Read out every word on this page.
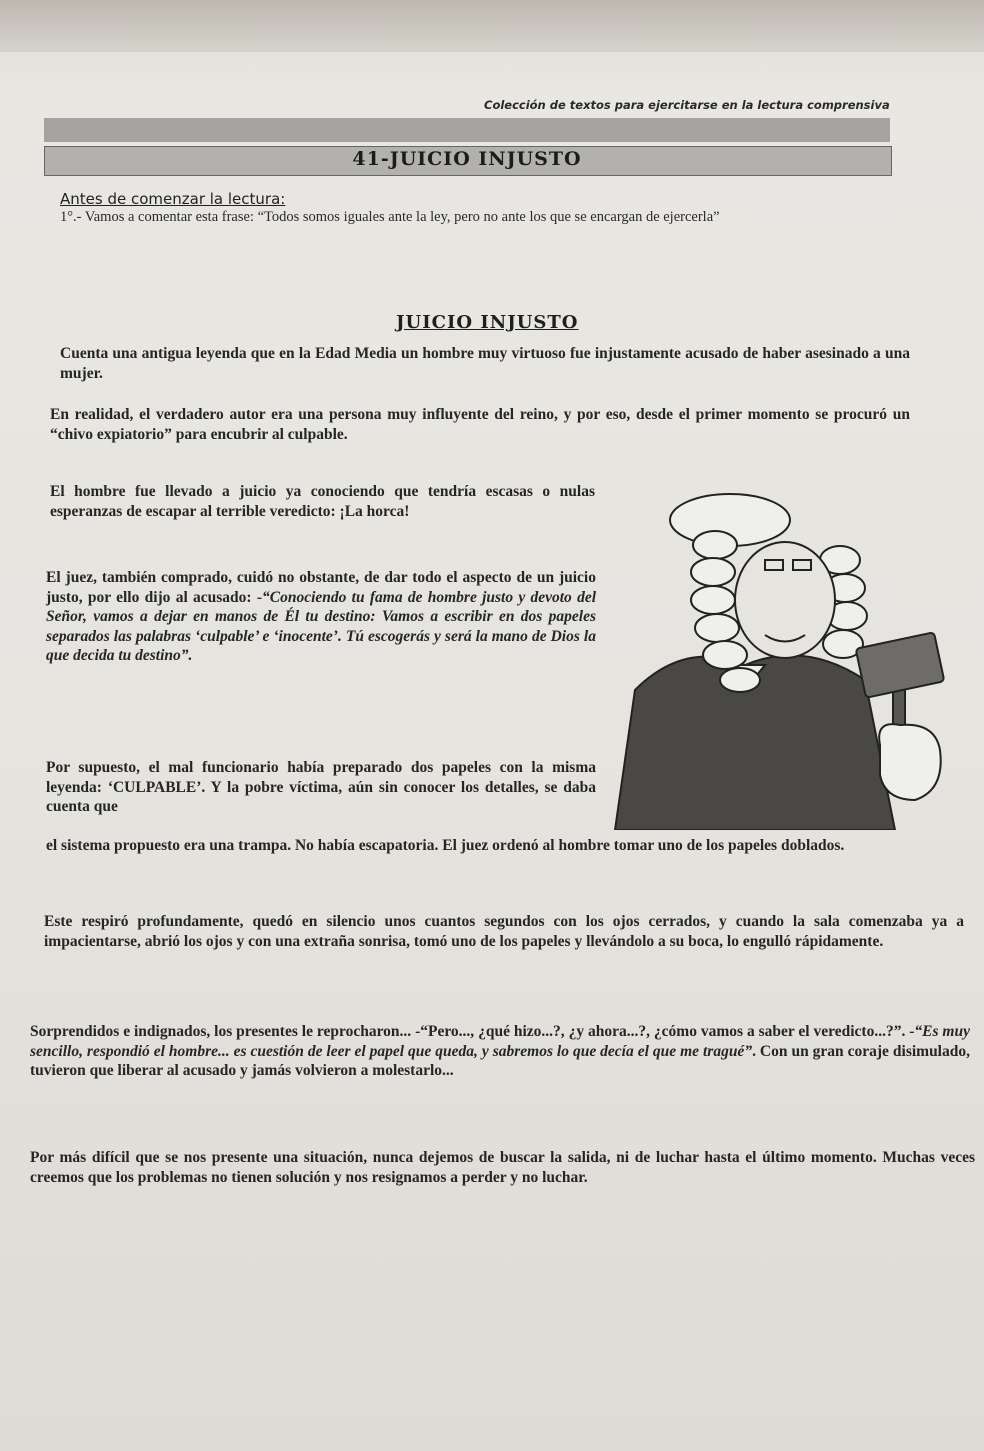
Colección de textos para ejercitarse en la lectura comprensiva
41-JUICIO INJUSTO
Antes de comenzar la lectura:
1°.- Vamos a comentar esta frase: “Todos somos iguales ante la ley, pero no ante los que se encargan de ejercerla”
JUICIO INJUSTO
Cuenta una antigua leyenda que en la Edad Media un hombre muy virtuoso fue injustamente acusado de haber asesinado a una mujer.
En realidad, el verdadero autor era una persona muy influyente del reino, y por eso, desde el primer momento se procuró un “chivo expiatorio” para encubrir al culpable.
El hombre fue llevado a juicio ya conociendo que tendría escasas o nulas esperanzas de escapar al terrible veredicto: ¡La horca!
El juez, también comprado, cuidó no obstante, de dar todo el aspecto de un juicio justo, por ello dijo al acusado: -“Conociendo tu fama de hombre justo y devoto del Señor, vamos a dejar en manos de Él tu destino: Vamos a escribir en dos papeles separados las palabras ‘culpable’ e ‘inocente’. Tú escogerás y será la mano de Dios la que decida tu destino”.
Por supuesto, el mal funcionario había preparado dos papeles con la misma leyenda: ‘CULPABLE’. Y la pobre víctima, aún sin conocer los detalles, se daba cuenta que
el sistema propuesto era una trampa. No había escapatoria. El juez ordenó al hombre tomar uno de los papeles doblados.
Este respiró profundamente, quedó en silencio unos cuantos segundos con los ojos cerrados, y cuando la sala comenzaba ya a impacientarse, abrió los ojos y con una extraña sonrisa, tomó uno de los papeles y llevándolo a su boca, lo engulló rápidamente.
Sorprendidos e indignados, los presentes le reprocharon... -“Pero..., ¿qué hizo...?, ¿y ahora...?, ¿cómo vamos a saber el veredicto...?”. -“Es muy sencillo, respondió el hombre... es cuestión de leer el papel que queda, y sabremos lo que decía el que me tragué”. Con un gran coraje disimulado, tuvieron que liberar al acusado y jamás volvieron a molestarlo...
Por más difícil que se nos presente una situación, nunca dejemos de buscar la salida, ni de luchar hasta el último momento. Muchas veces creemos que los problemas no tienen solución y nos resignamos a perder y no luchar.
